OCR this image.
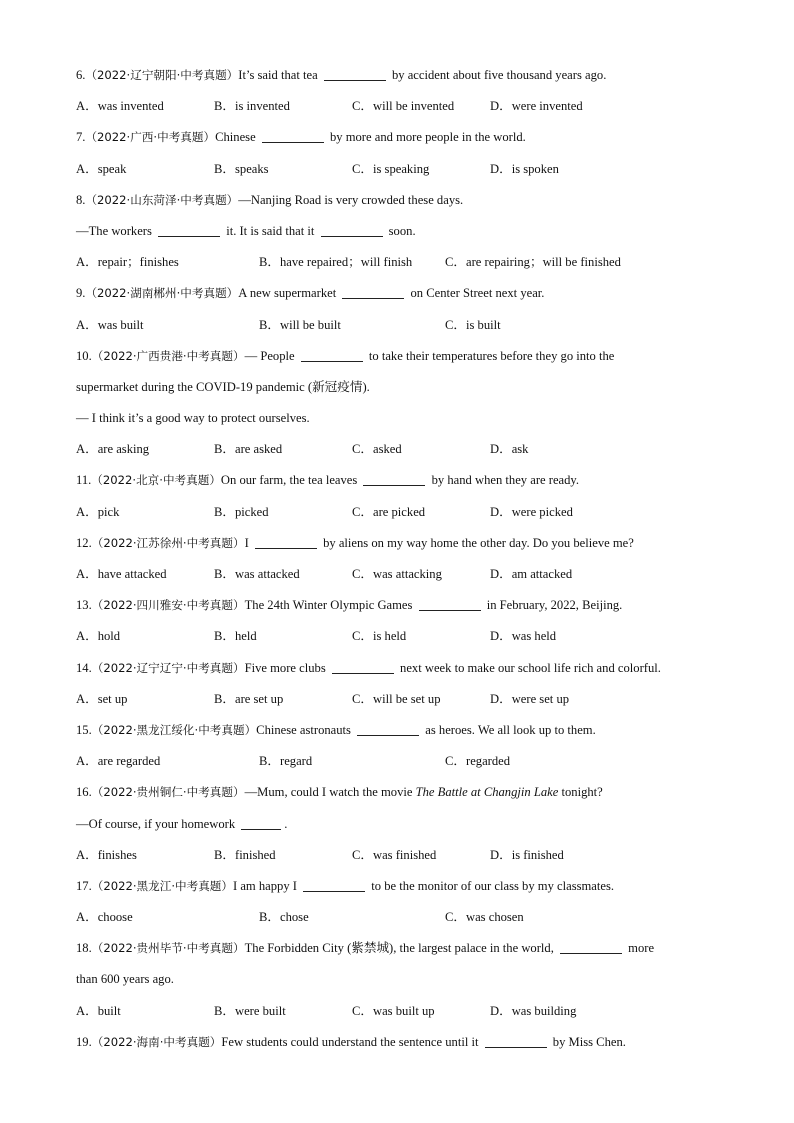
6.（2022·辽宁朝阳·中考真题）It’s said that tea	by accident about five thousand years ago.
A．was invented	B．is invented	C．will be invented	D．were invented
7.（2022·广西·中考真题）Chinese	by more and more people in the world.
A．speak	B．speaks	C．is speaking	D．is spoken
8.（2022·山东菏泽·中考真题）—Nanjing Road is very crowded these days.
—The workers	it. It is said that it	soon.
A．repair；finishes	B．have repaired；will finish	C．are repairing；will be finished
9.（2022·湖南郴州·中考真题）A new supermarket	on Center Street next year.
A．was built	B．will be built	C．is built
10.（2022·广西贵港·中考真题）— People	to take their temperatures before they go into the
supermarket during the COVID-19 pandemic (新冠疫情).
— I think it’s a good way to protect ourselves.
A．are asking	B．are asked	C．asked	D．ask
11.（2022·北京·中考真题）On our farm, the tea leaves	by hand when they are ready.
A．pick	B．picked	C．are picked	D．were picked
12.（2022·江苏徐州·中考真题）I	by aliens on my way home the other day. Do you believe me?
A．have attacked	B．was attacked	C．was attacking	D．am attacked
13.（2022·四川雅安·中考真题）The 24th Winter Olympic Games	in February, 2022, Beijing.
A．hold	B．held	C．is held	D．was held
14.（2022·辽宁辽宁·中考真题）Five more clubs	next week to make our school life rich and colorful.
A．set up	B．are set up	C．will be set up	D．were set up
15.（2022·黑龙江绥化·中考真题）Chinese astronauts	as heroes. We all look up to them.
A．are regarded	B．regard	C．regarded
16.（2022·贵州铜仁·中考真题）—Mum, could I watch the movie The Battle at Changjin Lake tonight?
—Of course, if your homework	.
A．finishes	B．finished	C．was finished	D．is finished
17.（2022·黑龙江·中考真题）I am happy I	to be the monitor of our class by my classmates.
A．choose	B．chose	C．was chosen
18.（2022·贵州毕节·中考真题）The Forbidden City (紫禁城), the largest palace in the world,	more
than 600 years ago.
A．built	B．were built	C．was built up	D．was building
19.（2022·海南·中考真题）Few students could understand the sentence until it	by Miss Chen.
